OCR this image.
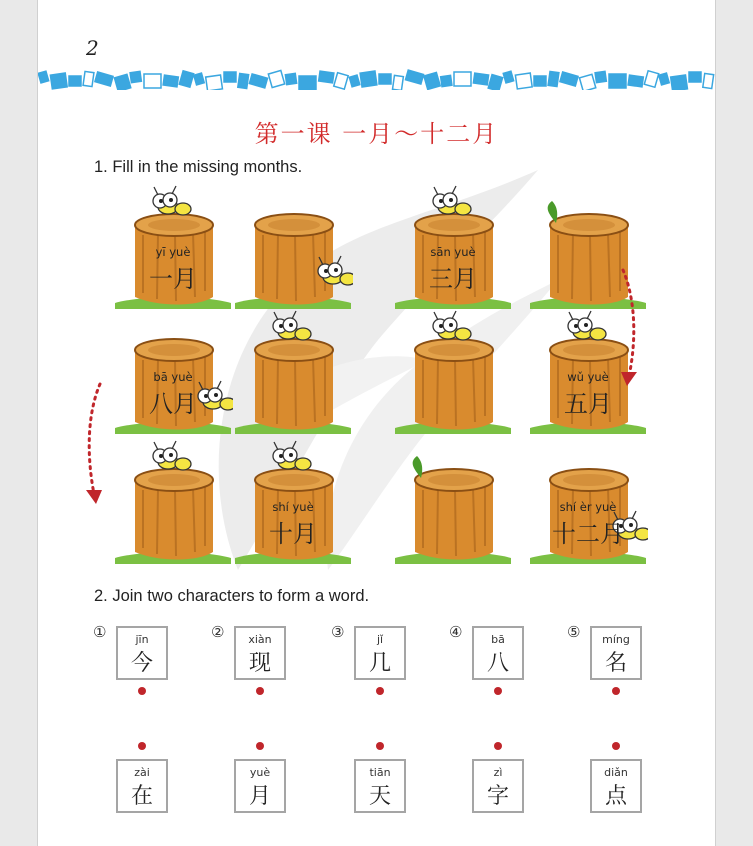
2
第一课 一月～十二月
1. Fill in the missing months.
yī yuè
一月
sān yuè
三月
bā yuè
八月
wǔ yuè
五月
shí yuè
十月
shí èr yuè
十二月
2. Join two characters to form a word.
①	jīn
今
zài
在
②	xiàn
现
yuè
月
③	jǐ
几
tiān
天
④	bā
八
zì
字
⑤	míng
名
diǎn
点
